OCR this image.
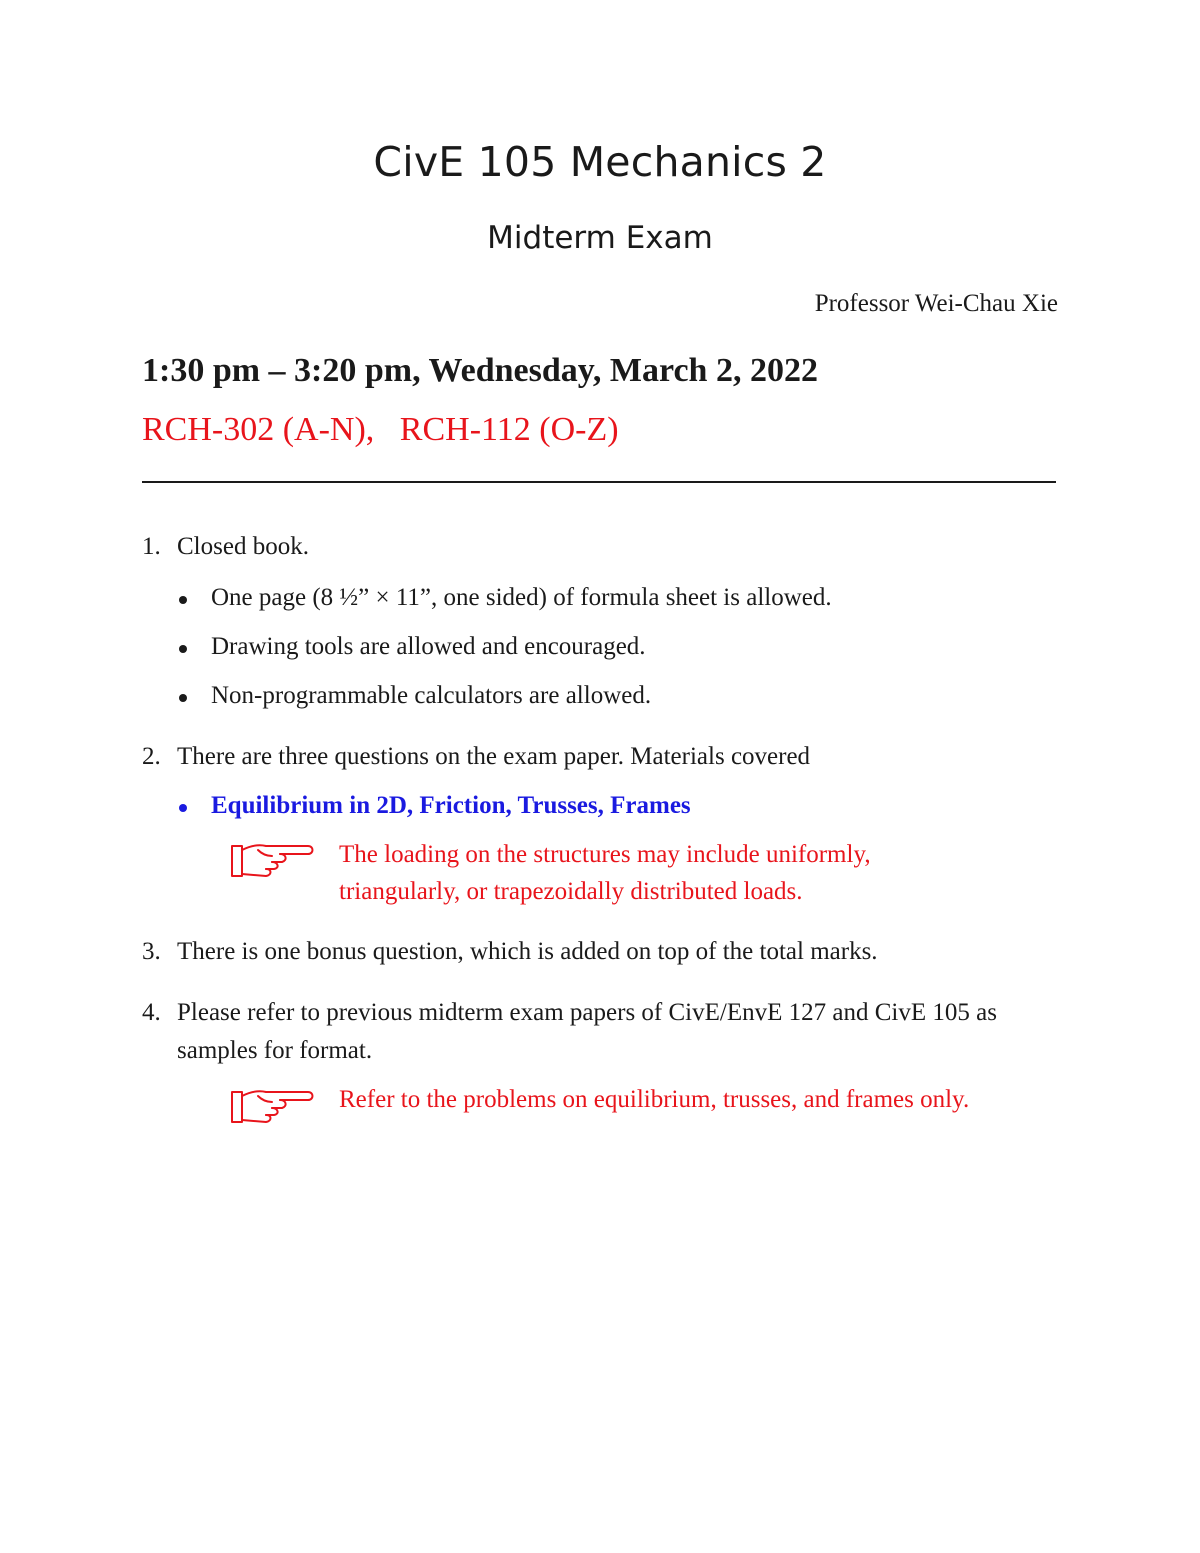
CivE 105 Mechanics 2
Midterm Exam
Professor Wei-Chau Xie
1:30 pm – 3:20 pm, Wednesday, March 2, 2022
RCH-302 (A-N),   RCH-112 (O-Z)
1. Closed book.
One page (8 ½” × 11”, one sided) of formula sheet is allowed.
Drawing tools are allowed and encouraged.
Non-programmable calculators are allowed.
2. There are three questions on the exam paper. Materials covered
Equilibrium in 2D, Friction, Trusses, Frames
The loading on the structures may include uniformly,
triangularly, or trapezoidally distributed loads.
3. There is one bonus question, which is added on top of the total marks.
4. Please refer to previous midterm exam papers of CivE/EnvE 127 and CivE 105 as
samples for format.
Refer to the problems on equilibrium, trusses, and frames only.
